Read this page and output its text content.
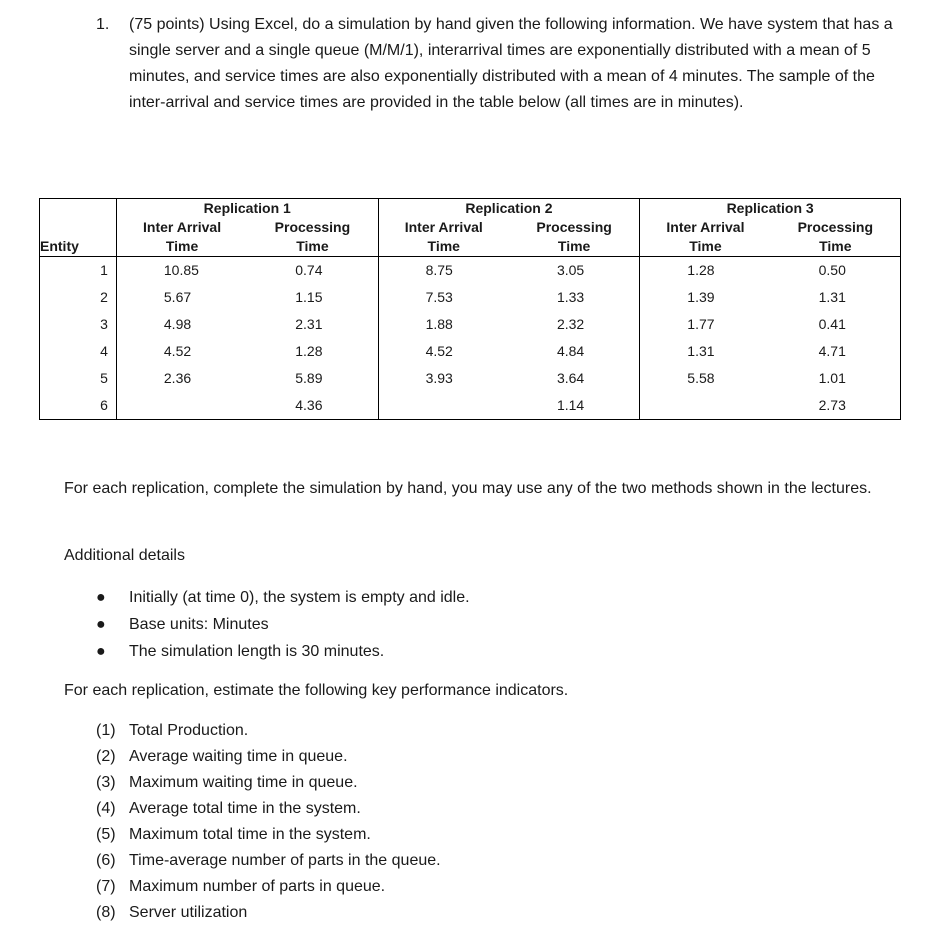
1. (75 points) Using Excel, do a simulation by hand given the following information. We have system that has a single server and a single queue (M/M/1), interarrival times are exponentially distributed with a mean of 5 minutes, and service times are also exponentially distributed with a mean of 4 minutes. The sample of the inter-arrival and service times are provided in the table below (all times are in minutes).
Entity	Replication 1		Replication 2		Replication 3	
	Inter Arrival	Processing	Inter Arrival	Processing	Inter Arrival	Processing
	Time	Time	Time	Time	Time	Time
1	10.85	0.74	8.75	3.05	1.28	0.50
2	5.67	1.15	7.53	1.33	1.39	1.31
3	4.98	2.31	1.88	2.32	1.77	0.41
4	4.52	1.28	4.52	4.84	1.31	4.71
5	2.36	5.89	3.93	3.64	5.58	1.01
6		4.36		1.14		2.73
For each replication, complete the simulation by hand, you may use any of the two methods shown in the lectures.
Additional details
● Initially (at time 0), the system is empty and idle.
● Base units: Minutes
● The simulation length is 30 minutes.
For each replication, estimate the following key performance indicators.
(1) Total Production.
(2) Average waiting time in queue.
(3) Maximum waiting time in queue.
(4) Average total time in the system.
(5) Maximum total time in the system.
(6) Time-average number of parts in the queue.
(7) Maximum number of parts in queue.
(8) Server utilization
